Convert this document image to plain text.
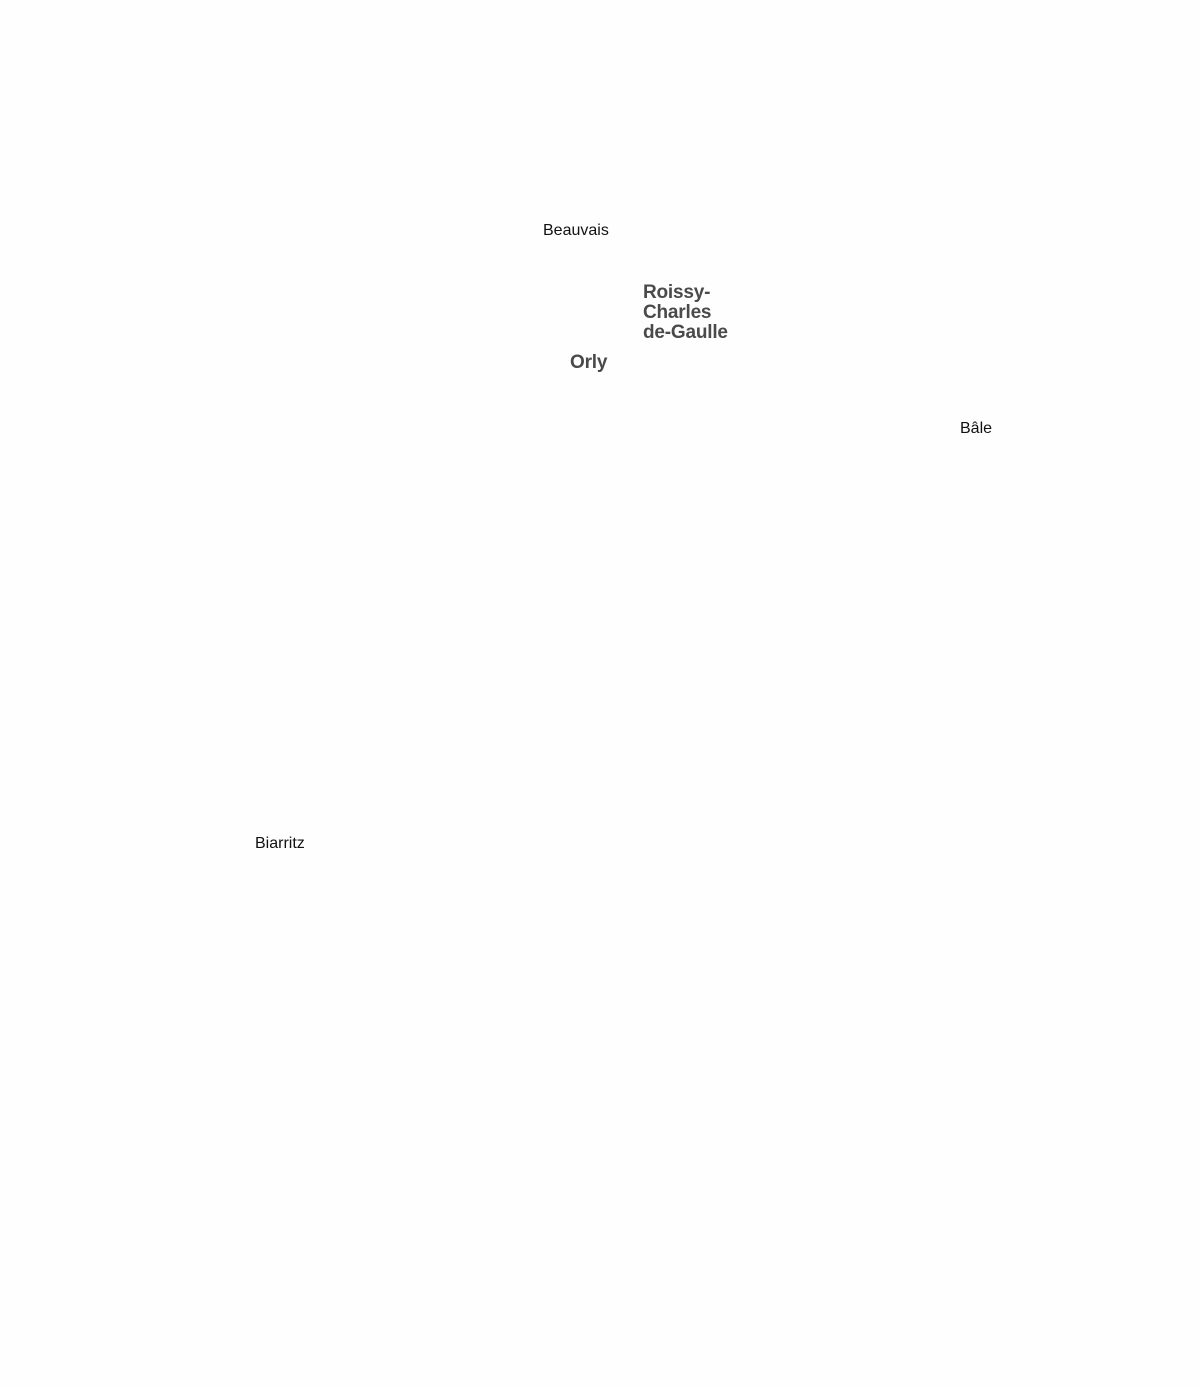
Beauvais
Roissy-
Charles
de-Gaulle
Orly
Bâle
Biarritz
